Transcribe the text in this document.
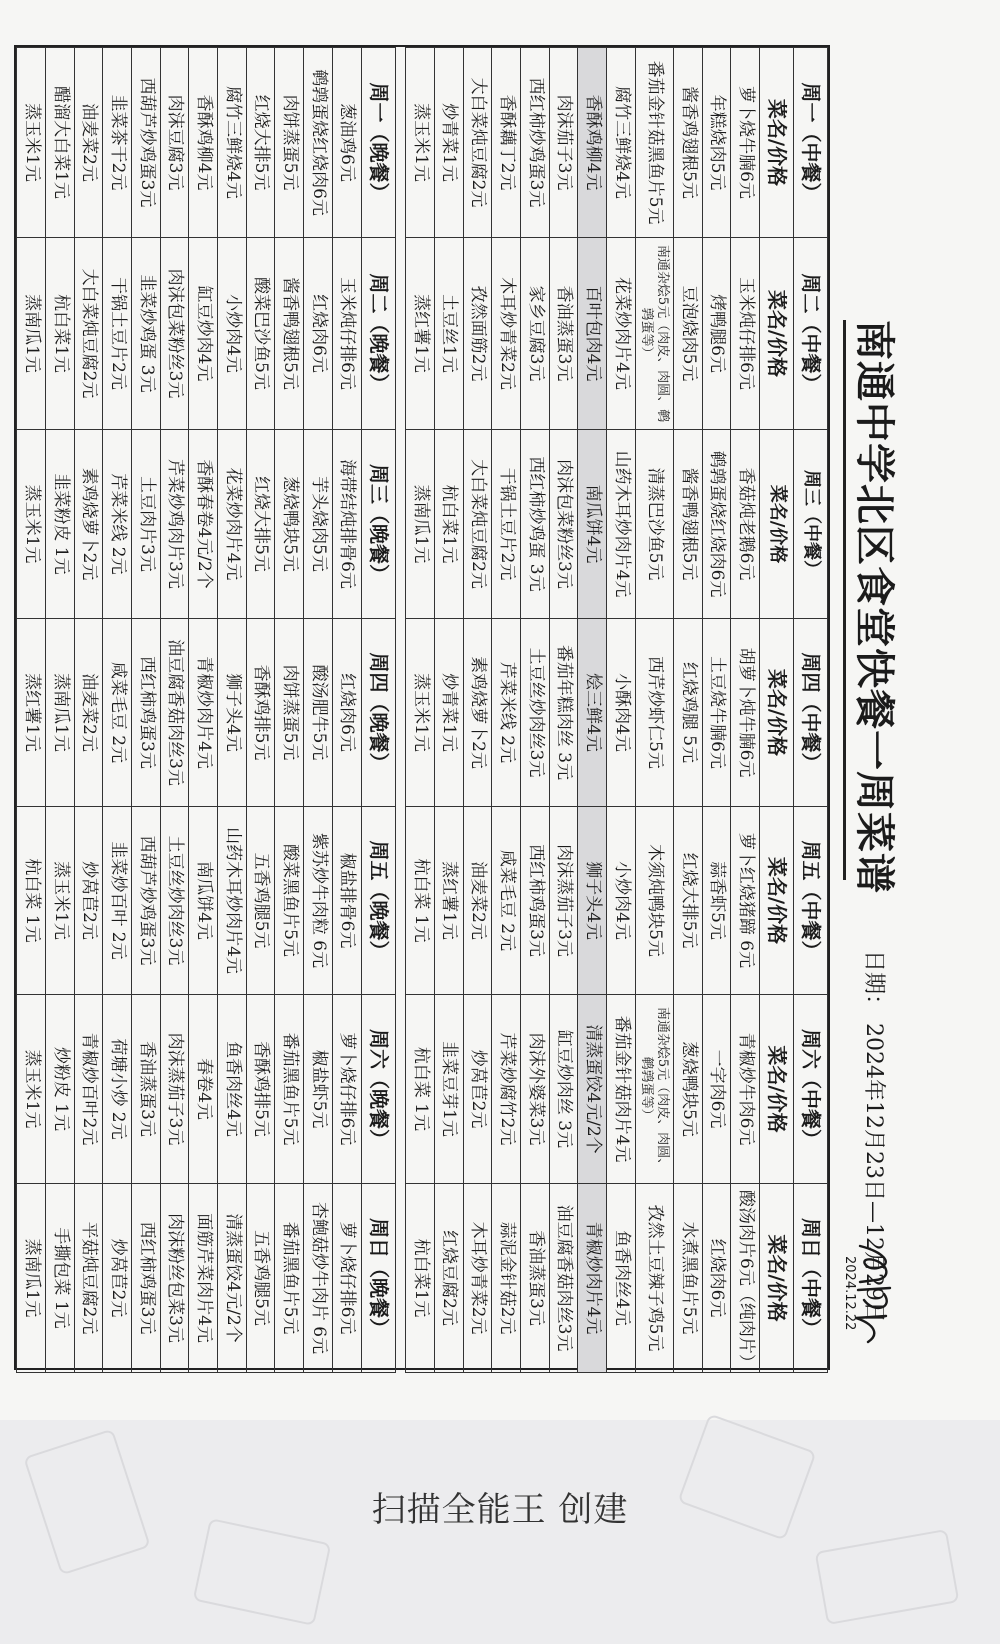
南通中学北区食堂快餐一周菜谱
日期： 2024年12月23日—12月29日
2024.12.22
周一（中餐）	周二（中餐）	周三（中餐）	周四（中餐）	周五（中餐）	周六（中餐）	周日（中餐）
菜名/价格	菜名/价格	菜名/价格	菜名/价格	菜名/价格	菜名/价格	菜名/价格
萝卜烧牛腩6元	玉米炖仔排6元	香菇炖老鹅6元	胡萝卜炖牛腩6元	萝卜红烧猪蹄 6元	青椒炒牛肉6元	酸汤肉片6元（纯肉片）
年糕烧肉5元	烤鸭腿6元	鹌鹑蛋烧红烧肉6元	土豆烧牛腩6元	蒜香虾5元	一字肉6元	红烧肉6元
酱香鸡翅根5元	豆泡烧肉5元	酱香鸭翅根5元	红烧鸡腿 5元	红烧大排5元	葱烧鸭块5元	水煮黑鱼片5元
番茄金针菇黑鱼片5元	南通杂烩5元（肉皮、肉圆、鹌鹑蛋等）	清蒸巴沙鱼5元	西芹炒虾仁5元	木须炖鸭块5元	南通杂烩5元（肉皮、肉圆、鹌鹑蛋等）	孜然土豆辣子鸡5元
腐竹三鲜烧4元	花菜炒肉片4元	山药木耳炒肉片4元	小酥肉4元	小炒肉4元	番茄金针菇肉片4元	鱼香肉丝4元
香酥鸡柳4元	百叶包肉4元	南瓜饼4元	烩三鲜4元	狮子头4元	清蒸蛋饺4元/2个	青椒炒肉片4元
肉沫茄子3元	香油蒸蛋3元	肉沫包菜粉丝3元	番茄年糕肉丝 3元	肉沫蒸茄子3元	缸豆炒肉丝 3元	油豆腐香菇肉丝3元
西红柿炒鸡蛋3元	家乡豆腐3元	西红柿炒鸡蛋 3元	土豆丝炒肉丝3元	西红柿鸡蛋3元	肉沫外婆菜3元	香油蒸蛋3元
香酥藕丁2元	木耳炒青菜2元	干锅土豆片2元	芹菜米线 2元	咸菜毛豆 2元	芹菜炒腐竹2元	蒜泥金针菇2元
大白菜炖豆腐2元	孜然面筋2元	大白菜炖豆腐2元	素鸡烧萝卜2元	油麦菜2元	炒莴苣2元	木耳炒青菜2元
炒青菜1元	土豆丝1元	杭白菜1元	炒青菜1元	蒸红薯1元	韭菜豆芽1元	红烧豆腐2元
蒸玉米1元	蒸红薯1元	蒸南瓜1元	蒸玉米1元	杭白菜 1元	杭白菜 1元	杭白菜1元

周一（晚餐）	周二（晚餐）	周三（晚餐）	周四（晚餐）	周五（晚餐）	周六（晚餐）	周日（晚餐）
葱油鸡6元	玉米炖仔排6元	海带结炖排骨6元	红烧肉6元	椒盐排骨6元	萝卜烧仔排6元	萝卜烧仔排6元
鹌鹑蛋烧红烧肉6元	红烧肉6元	芋头烧肉5元	酸汤肥牛5元	紫苏炒牛肉粒 6元	椒盐虾5元	杏鲍菇炒牛肉片 6元
肉饼蒸蛋5元	酱香鸭翅根5元	葱烧鸭块5元	肉饼蒸蛋5元	酸菜黑鱼片5元	番茄黑鱼片5元	番茄黑鱼片5元
红烧大排5元	酸菜巴沙鱼5元	红烧大排5元	香酥鸡排5元	五香鸡腿5元	香酥鸡排5元	五香鸡腿5元
腐竹三鲜烧4元	小炒肉4元	花菜炒肉片4元	狮子头4元	山药木耳炒肉片4元	鱼香肉丝4元	清蒸蛋饺4元/2个
香酥鸡柳4元	缸豆炒肉4元	香酥春卷4元/2个	青椒炒肉片4元	南瓜饼4元	春卷4元	面筋芹菜肉片4元
肉沫豆腐3元	肉沫包菜粉丝3元	芹菜炒鸡肉片3元	油豆腐香菇肉丝3元	土豆丝炒肉丝3元	肉沫蒸茄子3元	肉沫粉丝包菜3元
西葫芦炒鸡蛋3元	韭菜炒鸡蛋 3元	土豆肉片3元	西红柿鸡蛋3元	西葫芦炒鸡蛋3元	香油蒸蛋3元	西红柿鸡蛋3元
韭菜茶干2元	干锅土豆片2元	芹菜米线 2元	咸菜毛豆 2元	韭菜炒百叶 2元	荷塘小炒 2元	炒莴苣2元
油麦菜2元	大白菜炖豆腐2元	素鸡烧萝卜2元	油麦菜2元	炒莴苣2元	青椒炒百叶2元	平菇炖豆腐2元
醋溜大白菜1元	杭白菜1元	韭菜粉皮 1元	蒸南瓜1元	蒸玉米1元	炒粉皮 1元	手撕包菜 1元
蒸玉米1元	蒸南瓜1元	蒸玉米1元	蒸红薯1元	杭白菜 1元	蒸玉米1元	蒸南瓜1元
扫描全能王 创建
